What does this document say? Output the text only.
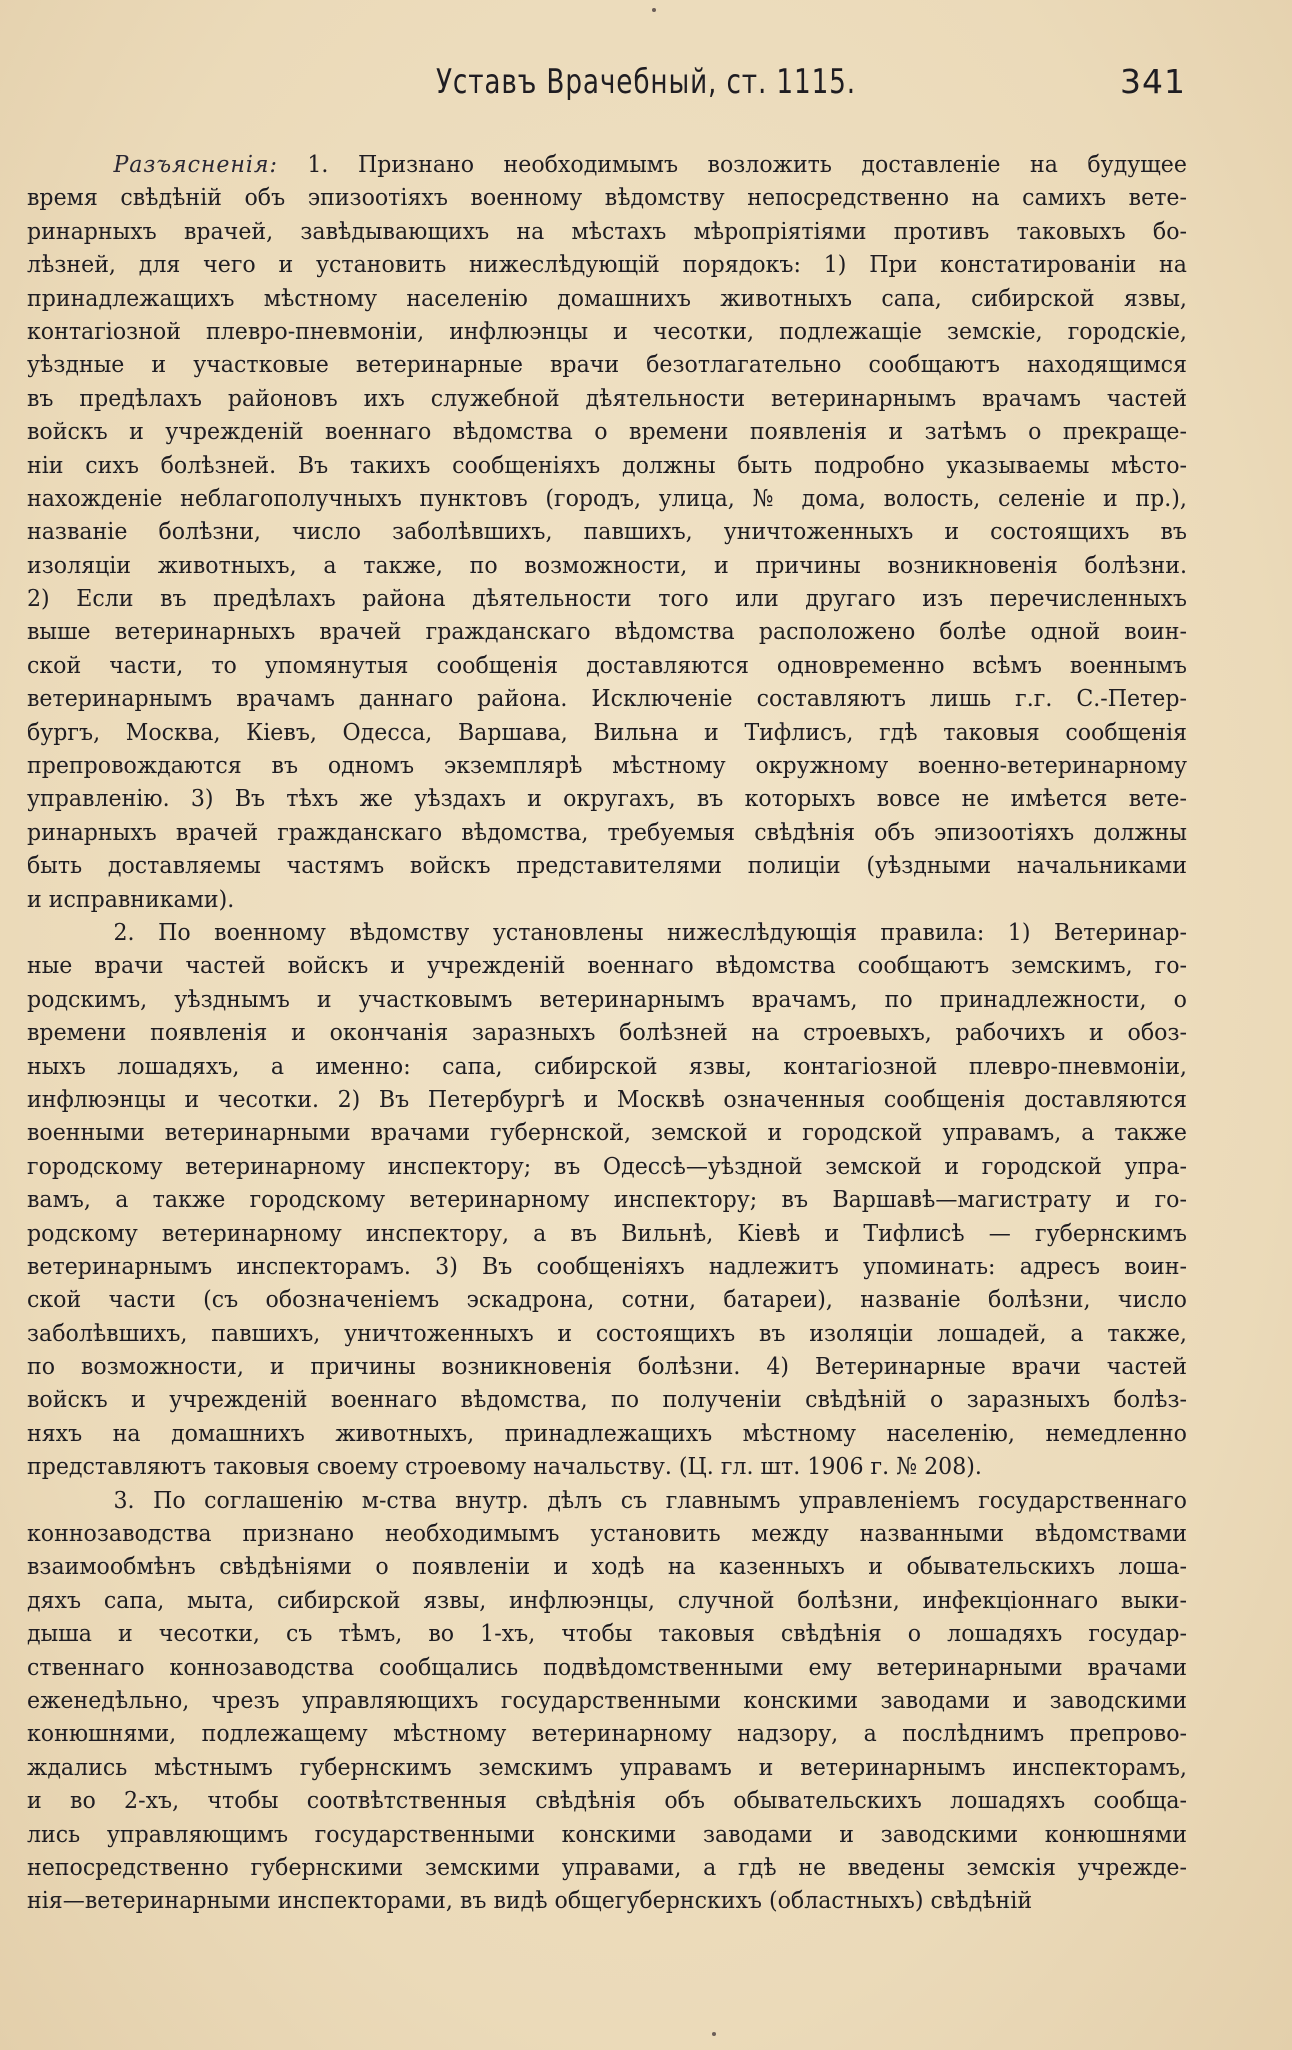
Уставъ Врачебный, ст. 1115.	341
Разъясненія: 1. Признано необходимымъ возложить доставленіе на будущее
время свѣдѣній объ эпизоотіяхъ военному вѣдомству непосредственно на самихъ вете-
ринарныхъ врачей, завѣдывающихъ на мѣстахъ мѣропріятіями противъ таковыхъ бо-
лѣзней, для чего и установить нижеслѣдующій порядокъ: 1) При констатированіи на
принадлежащихъ мѣстному населенію домашнихъ животныхъ сапа, сибирской язвы,
контагіозной плевро-пневмоніи, инфлюэнцы и чесотки, подлежащіе земскіе, городскіе,
уѣздные и участковые ветеринарные врачи безотлагательно сообщаютъ находящимся
въ предѣлахъ районовъ ихъ служебной дѣятельности ветеринарнымъ врачамъ частей
войскъ и учрежденій военнаго вѣдомства о времени появленія и затѣмъ о прекраще-
ніи сихъ болѣзней. Въ такихъ сообщеніяхъ должны быть подробно указываемы мѣсто-
нахожденіе неблагополучныхъ пунктовъ (городъ, улица, № дома, волость, селеніе и пр.),
названіе болѣзни, число заболѣвшихъ, павшихъ, уничтоженныхъ и состоящихъ въ
изоляціи животныхъ, а также, по возможности, и причины возникновенія болѣзни.
2) Если въ предѣлахъ района дѣятельности того или другаго изъ перечисленныхъ
выше ветеринарныхъ врачей гражданскаго вѣдомства расположено болѣе одной воин-
ской части, то упомянутыя сообщенія доставляются одновременно всѣмъ военнымъ
ветеринарнымъ врачамъ даннаго района. Исключеніе составляютъ лишь г.г. С.-Петер-
бургъ, Москва, Кіевъ, Одесса, Варшава, Вильна и Тифлисъ, гдѣ таковыя сообщенія
препровождаются въ одномъ экземплярѣ мѣстному окружному военно-ветеринарному
управленію. 3) Въ тѣхъ же уѣздахъ и округахъ, въ которыхъ вовсе не имѣется вете-
ринарныхъ врачей гражданскаго вѣдомства, требуемыя свѣдѣнія объ эпизоотіяхъ должны
быть доставляемы частямъ войскъ представителями полиціи (уѣздными начальниками
и исправниками).
2. По военному вѣдомству установлены нижеслѣдующія правила: 1) Ветеринар-
ные врачи частей войскъ и учрежденій военнаго вѣдомства сообщаютъ земскимъ, го-
родскимъ, уѣзднымъ и участковымъ ветеринарнымъ врачамъ, по принадлежности, о
времени появленія и окончанія заразныхъ болѣзней на строевыхъ, рабочихъ и обоз-
ныхъ лошадяхъ, а именно: сапа, сибирской язвы, контагіозной плевро-пневмоніи,
инфлюэнцы и чесотки. 2) Въ Петербургѣ и Москвѣ означенныя сообщенія доставляются
военными ветеринарными врачами губернской, земской и городской управамъ, а также
городскому ветеринарному инспектору; въ Одессѣ—уѣздной земской и городской упра-
вамъ, а также городскому ветеринарному инспектору; въ Варшавѣ—магистрату и го-
родскому ветеринарному инспектору, а въ Вильнѣ, Кіевѣ и Тифлисѣ — губернскимъ
ветеринарнымъ инспекторамъ. 3) Въ сообщеніяхъ надлежитъ упоминать: адресъ воин-
ской части (съ обозначеніемъ эскадрона, сотни, батареи), названіе болѣзни, число
заболѣвшихъ, павшихъ, уничтоженныхъ и состоящихъ въ изоляціи лошадей, а также,
по возможности, и причины возникновенія болѣзни. 4) Ветеринарные врачи частей
войскъ и учрежденій военнаго вѣдомства, по полученіи свѣдѣній о заразныхъ болѣз-
няхъ на домашнихъ животныхъ, принадлежащихъ мѣстному населенію, немедленно
представляютъ таковыя своему строевому начальству. (Ц. гл. шт. 1906 г. № 208).
3. По соглашенію м-ства внутр. дѣлъ съ главнымъ управленіемъ государственнаго
коннозаводства признано необходимымъ установить между названными вѣдомствами
взаимообмѣнъ свѣдѣніями о появленіи и ходѣ на казенныхъ и обывательскихъ лоша-
дяхъ сапа, мыта, сибирской язвы, инфлюэнцы, случной болѣзни, инфекціоннаго выки-
дыша и чесотки, съ тѣмъ, во 1-хъ, чтобы таковыя свѣдѣнія о лошадяхъ государ-
ственнаго коннозаводства сообщались подвѣдомственными ему ветеринарными врачами
еженедѣльно, чрезъ управляющихъ государственными конскими заводами и заводскими
конюшнями, подлежащему мѣстному ветеринарному надзору, а послѣднимъ препрово-
ждались мѣстнымъ губернскимъ земскимъ управамъ и ветеринарнымъ инспекторамъ,
и во 2-хъ, чтобы соотвѣтственныя свѣдѣнія объ обывательскихъ лошадяхъ сообща-
лись управляющимъ государственными конскими заводами и заводскими конюшнями
непосредственно губернскими земскими управами, а гдѣ не введены земскія учрежде-
нія—ветеринарными инспекторами, въ видѣ общегубернскихъ (областныхъ) свѣдѣній
